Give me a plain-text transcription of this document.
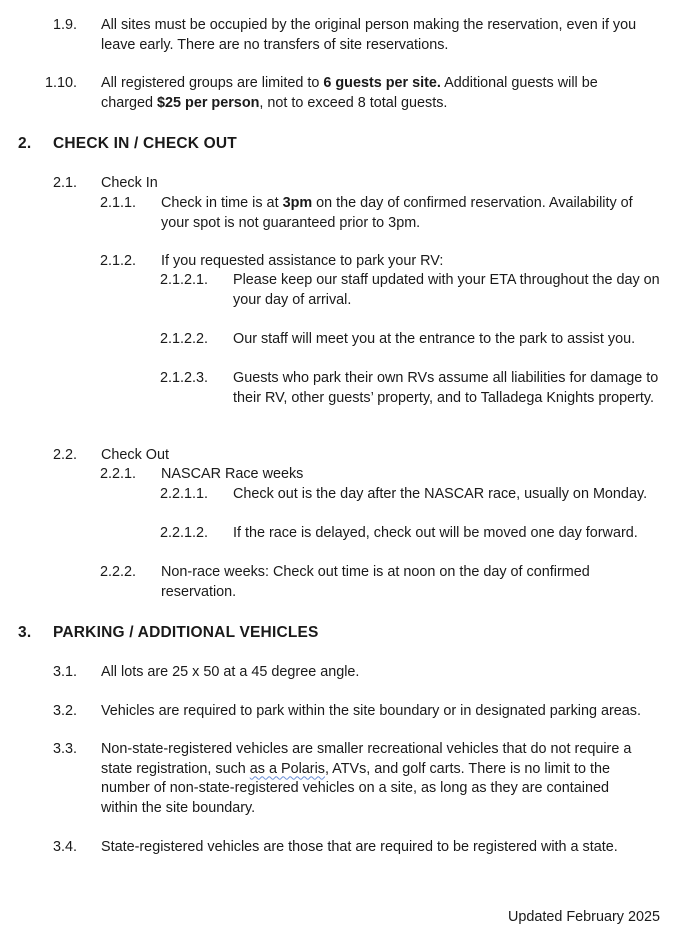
1.9. All sites must be occupied by the original person making the reservation, even if you leave early. There are no transfers of site reservations.
1.10. All registered groups are limited to 6 guests per site. Additional guests will be charged $25 per person, not to exceed 8 total guests.
2. CHECK IN / CHECK OUT
2.1. Check In
2.1.1. Check in time is at 3pm on the day of confirmed reservation. Availability of your spot is not guaranteed prior to 3pm.
2.1.2. If you requested assistance to park your RV:
2.1.2.1. Please keep our staff updated with your ETA throughout the day on your day of arrival.
2.1.2.2. Our staff will meet you at the entrance to the park to assist you.
2.1.2.3. Guests who park their own RVs assume all liabilities for damage to their RV, other guests’ property, and to Talladega Knights property.
2.2. Check Out
2.2.1. NASCAR Race weeks
2.2.1.1. Check out is the day after the NASCAR race, usually on Monday.
2.2.1.2. If the race is delayed, check out will be moved one day forward.
2.2.2. Non-race weeks: Check out time is at noon on the day of confirmed reservation.
3. PARKING / ADDITIONAL VEHICLES
3.1. All lots are 25 x 50 at a 45 degree angle.
3.2. Vehicles are required to park within the site boundary or in designated parking areas.
3.3. Non-state-registered vehicles are smaller recreational vehicles that do not require a state registration, such as a Polaris, ATVs, and golf carts. There is no limit to the number of non-state-registered vehicles on a site, as long as they are contained within the site boundary.
3.4. State-registered vehicles are those that are required to be registered with a state.
Updated February 2025
